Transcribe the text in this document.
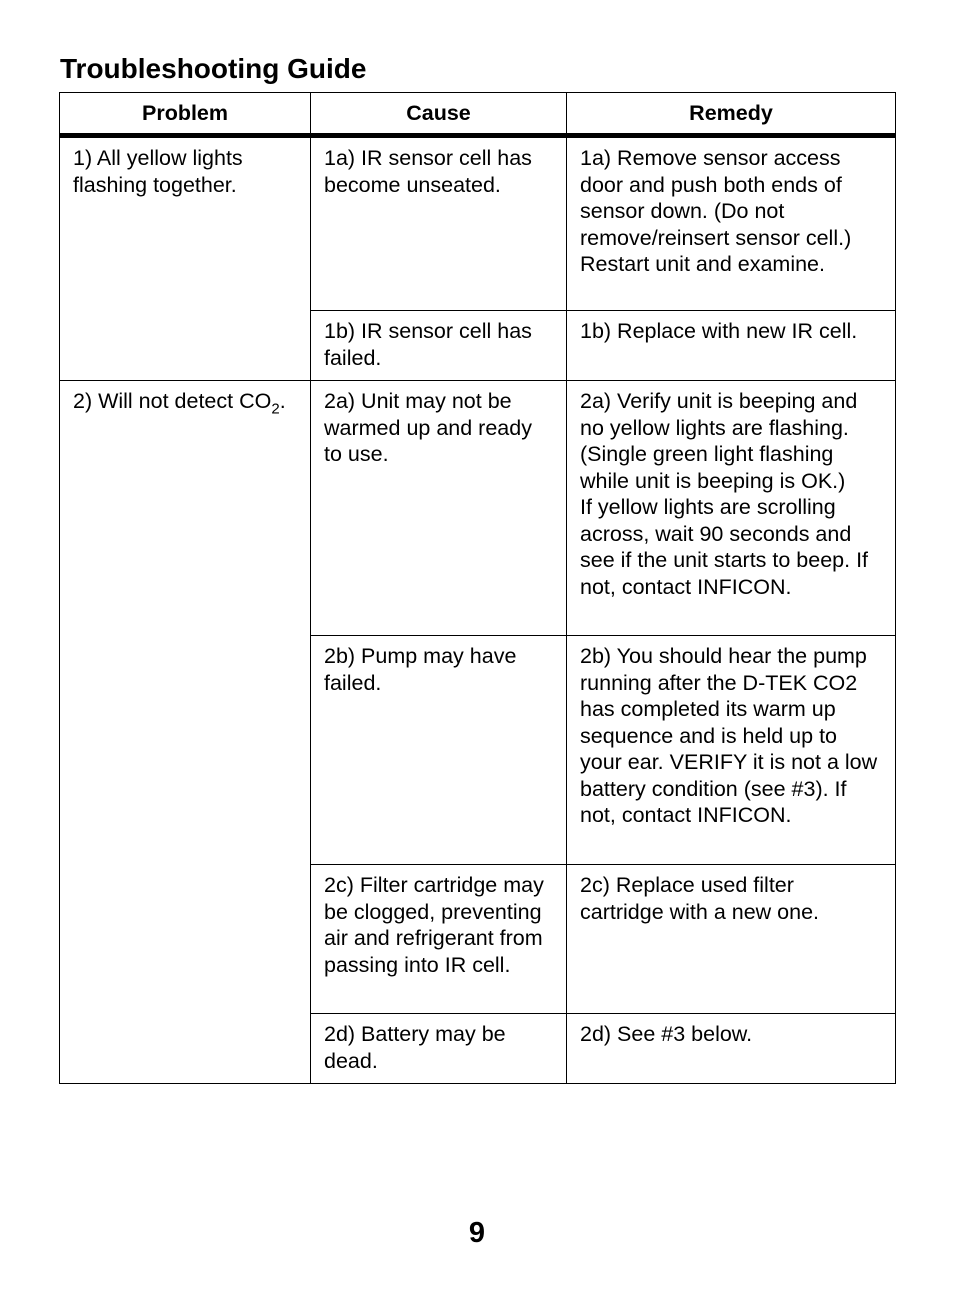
Troubleshooting Guide
Problem	Cause	Remedy
1) All yellow lights flashing together.	1a) IR sensor cell has become unseated.	1a) Remove sensor access door and push both ends of sensor down. (Do not remove/reinsert sensor cell.) Restart unit and examine.
	1b) IR sensor cell has failed.	1b) Replace with new IR cell.
2) Will not detect $CO_2$.	2a) Unit may not be warmed up and ready to use.	2a) Verify unit is beeping and no yellow lights are flashing. (Single green light flashing while unit is beeping is OK.)
If yellow lights are scrolling across, wait 90 seconds and see if the unit starts to beep. If not, contact INFICON.

	2b) Pump may have failed.	2b) You should hear the pump running after the D-TEK CO2 has completed its warm up sequence and is held up to your ear. VERIFY it is not a low battery condition (see #3). If not, contact INFICON.
	2c) Filter cartridge may be clogged, preventing air and refrigerant from passing into IR cell.	2c) Replace used filter cartridge with a new one.
	2d) Battery may be dead.	2d) See #3 below.
9
